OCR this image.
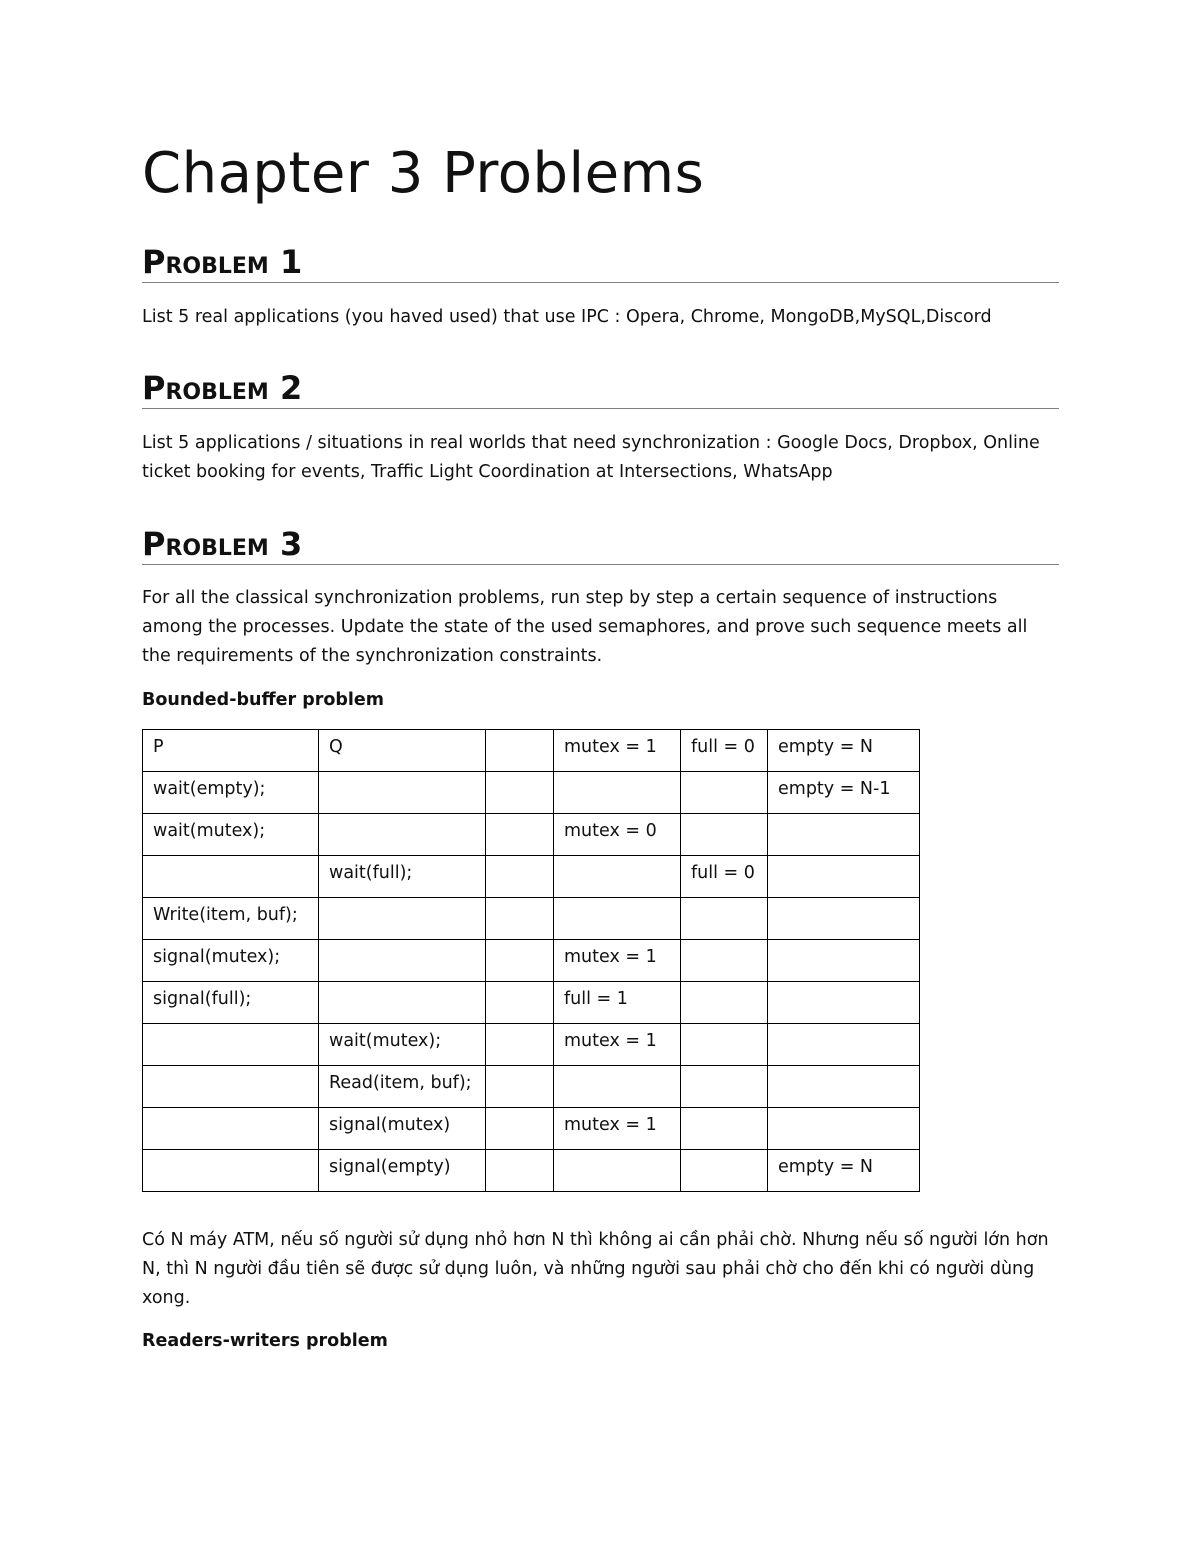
Chapter 3 Problems
Problem 1

List 5 real applications (you haved used) that use IPC : Opera, Chrome, MongoDB,MySQL,Discord

Problem 2

List 5 applications / situations in real worlds that need synchronization : Google Docs, Dropbox, Online ticket booking for events, Traffic Light Coordination at Intersections, WhatsApp

Problem 3

For all the classical synchronization problems, run step by step a certain sequence of instructions among the processes. Update the state of the used semaphores, and prove such sequence meets all the requirements of the synchronization constraints.

Bounded-buffer problem

P	Q		mutex = 1	full = 0	empty = N
wait(empty);					empty = N-1
wait(mutex);			mutex = 0		
	wait(full);			full = 0	
Write(item, buf);					
signal(mutex);			mutex = 1		
signal(full);			full = 1		
	wait(mutex);		mutex = 1		
	Read(item, buf);				
	signal(mutex)		mutex = 1		
	signal(empty)				empty = N

Có N máy ATM, nếu số người sử dụng nhỏ hơn N thì không ai cần phải chờ. Nhưng nếu số người lớn hơn N, thì N người đầu tiên sẽ được sử dụng luôn, và những người sau phải chờ cho đến khi có người dùng xong.

Readers-writers problem
